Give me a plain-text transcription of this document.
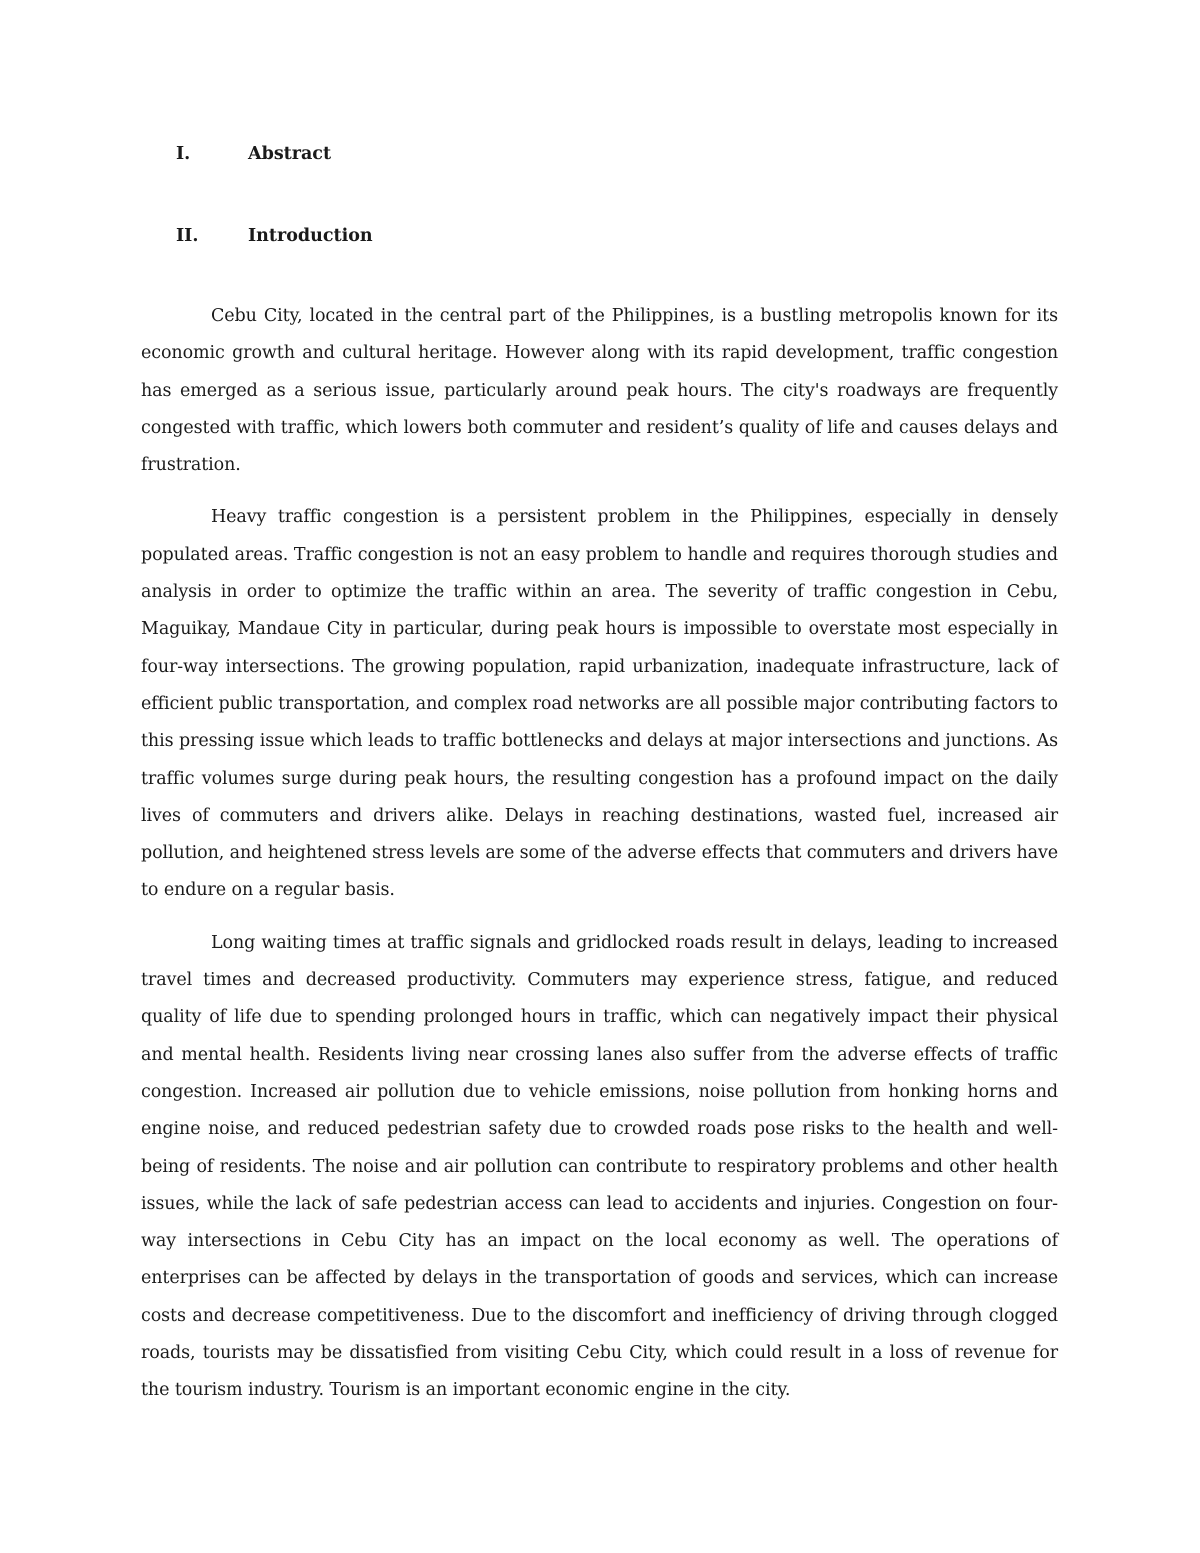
I.	Abstract
II.	Introduction

Cebu City, located in the central part of the Philippines, is a bustling metropolis known for its economic growth and cultural heritage. However along with its rapid development, traffic congestion has emerged as a serious issue, particularly around peak hours. The city's roadways are frequently congested with traffic, which lowers both commuter and resident’s quality of life and causes delays and frustration.

Heavy traffic congestion is a persistent problem in the Philippines, especially in densely populated areas. Traffic congestion is not an easy problem to handle and requires thorough studies and analysis in order to optimize the traffic within an area. The severity of traffic congestion in Cebu, Maguikay, Mandaue City in particular, during peak hours is impossible to overstate most especially in four-way intersections. The growing population, rapid urbanization, inadequate infrastructure, lack of efficient public transportation, and complex road networks are all possible major contributing factors to this pressing issue which leads to traffic bottlenecks and delays at major intersections and junctions. As traffic volumes surge during peak hours, the resulting congestion has a profound impact on the daily lives of commuters and drivers alike. Delays in reaching destinations, wasted fuel, increased air pollution, and heightened stress levels are some of the adverse effects that commuters and drivers have to endure on a regular basis.

Long waiting times at traffic signals and gridlocked roads result in delays, leading to increased travel times and decreased productivity. Commuters may experience stress, fatigue, and reduced quality of life due to spending prolonged hours in traffic, which can negatively impact their physical and mental health. Residents living near crossing lanes also suffer from the adverse effects of traffic congestion. Increased air pollution due to vehicle emissions, noise pollution from honking horns and engine noise, and reduced pedestrian safety due to crowded roads pose risks to the health and well-being of residents. The noise and air pollution can contribute to respiratory problems and other health issues, while the lack of safe pedestrian access can lead to accidents and injuries. Congestion on four-way intersections in Cebu City has an impact on the local economy as well. The operations of enterprises can be affected by delays in the transportation of goods and services, which can increase costs and decrease competitiveness. Due to the discomfort and inefficiency of driving through clogged roads, tourists may be dissatisfied from visiting Cebu City, which could result in a loss of revenue for the tourism industry. Tourism is an important economic engine in the city.
